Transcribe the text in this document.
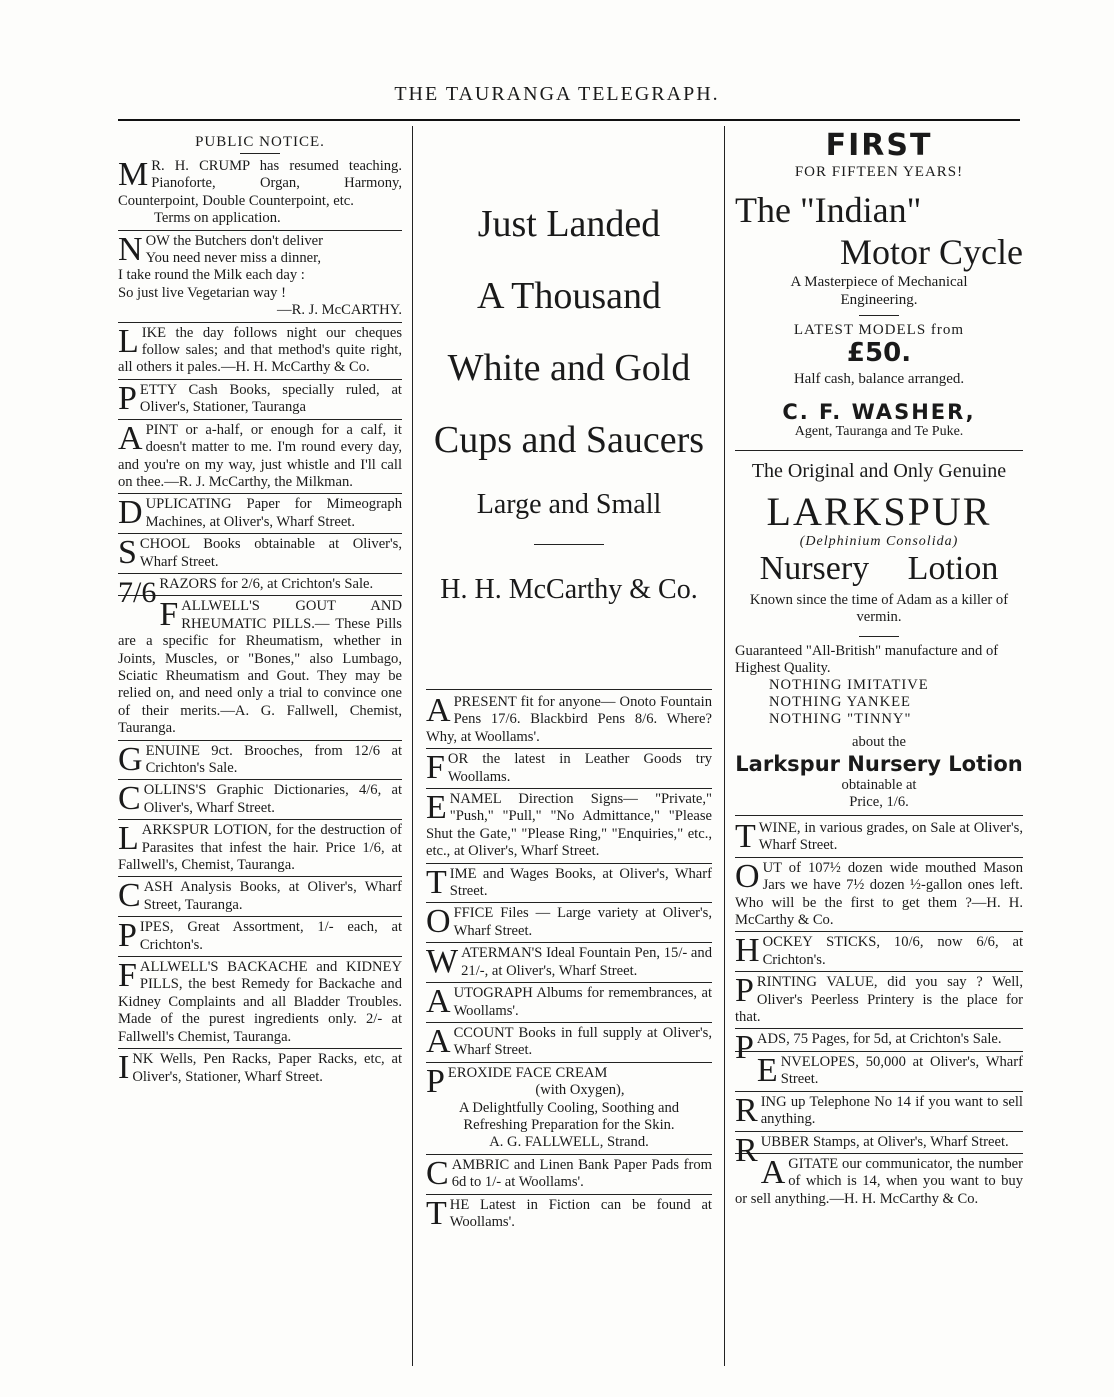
THE TAURANGA TELEGRAPH.
PUBLIC NOTICE.

M R. H. CRUMP has resumed teaching. Pianoforte, Organ, Harmony, Counterpoint, Double Counterpoint, etc.

Terms on application.

NOW the Butchers don't deliver
You need never miss a dinner,
I take round the Milk each day :
So just live Vegetarian way !

—R. J. McCARTHY.

LIKE the day follows night our cheques follow sales; and that method's quite right, all others it pales.—H. H. McCarthy & Co.

PETTY Cash Books, specially ruled, at Oliver's, Stationer, Tauranga

APINT or a-half, or enough for a calf, it doesn't matter to me. I'm round every day, and you're on my way, just whistle and I'll call on thee.—R. J. McCarthy, the Milkman.

DUPLICATING Paper for Mimeograph Machines, at Oliver's, Wharf Street.

SCHOOL Books obtainable at Oliver's, Wharf Street.

7/6 RAZORS for 2/6, at Crichton's Sale.

FALLWELL'S GOUT AND RHEUMATIC PILLS.— These Pills are a specific for Rheumatism, whether in Joints, Muscles, or "Bones," also Lumbago, Sciatic Rheumatism and Gout. They may be relied on, and need only a trial to convince one of their merits.—A. G. Fallwell, Chemist, Tauranga.

GENUINE 9ct. Brooches, from 12/6 at Crichton's Sale.

COLLINS'S Graphic Dictionaries, 4/6, at Oliver's, Wharf Street.

LARKSPUR LOTION, for the destruction of Parasites that infest the hair. Price 1/6, at Fallwell's, Chemist, Tauranga.

CASH Analysis Books, at Oliver's, Wharf Street, Tauranga.

PIPES, Great Assortment, 1/- each, at Crichton's.

FALLWELL'S BACKACHE and KIDNEY PILLS, the best Remedy for Backache and Kidney Complaints and all Bladder Troubles. Made of the purest ingredients only. 2/- at Fallwell's Chemist, Tauranga.

INK Wells, Pen Racks, Paper Racks, etc, at Oliver's, Stationer, Wharf Street.

Just Landed

A Thousand

White and Gold

Cups and Saucers

Large and Small

H. H. McCarthy & Co.

APRESENT fit for anyone— Onoto Fountain Pens 17/6. Blackbird Pens 8/6. Where? Why, at Woollams'.

FOR the latest in Leather Goods try Woollams.

ENAMEL Direction Signs— "Private," "Push," "Pull," "No Admittance," "Please Shut the Gate," "Please Ring," "Enquiries," etc., etc., at Oliver's, Wharf Street.

TIME and Wages Books, at Oliver's, Wharf Street.

OFFICE Files — Large variety at Oliver's, Wharf Street.

WATERMAN'S Ideal Fountain Pen, 15/- and 21/-, at Oliver's, Wharf Street.

AUTOGRAPH Albums for remembrances, at Woollams'.

ACCOUNT Books in full supply at Oliver's, Wharf Street.

PEROXIDE FACE CREAM

(with Oxygen),
A Delightfully Cooling, Soothing and Refreshing Preparation for the Skin.
A. G. FALLWELL, Strand.

CAMBRIC and Linen Bank Paper Pads from 6d to 1/- at Woollams'.

THE Latest in Fiction can be found at Woollams'.

FIRST

FOR FIFTEEN YEARS!

The "Indian"

Motor Cycle

A Masterpiece of Mechanical Engineering.

LATEST MODELS from

£50.

Half cash, balance arranged.

C. F. WASHER,

Agent, Tauranga and Te Puke.

The Original and Only Genuine

LARKSPUR

(Delphinium Consolida)

Nursery Lotion

Known since the time of Adam as a killer of vermin.

Guaranteed "All-British" manufacture and of Highest Quality.

NOTHING IMITATIVE

NOTHING YANKEE

NOTHING "TINNY"

about the

Larkspur Nursery Lotion

obtainable at

Price, 1/6.

TWINE, in various grades, on Sale at Oliver's, Wharf Street.

OUT of 107½ dozen wide mouthed Mason Jars we have 7½ dozen ½-gallon ones left. Who will be the first to get them ?—H. H. McCarthy & Co.

HOCKEY STICKS, 10/6, now 6/6, at Crichton's.

PRINTING VALUE, did you say ? Well, Oliver's Peerless Printery is the place for that.

PADS, 75 Pages, for 5d, at Crichton's Sale.

ENVELOPES, 50,000 at Oliver's, Wharf Street.

RING up Telephone No 14 if you want to sell anything.

RUBBER Stamps, at Oliver's, Wharf Street.

AGITATE our communicator, the number of which is 14, when you want to buy or sell anything.—H. H. McCarthy & Co.
